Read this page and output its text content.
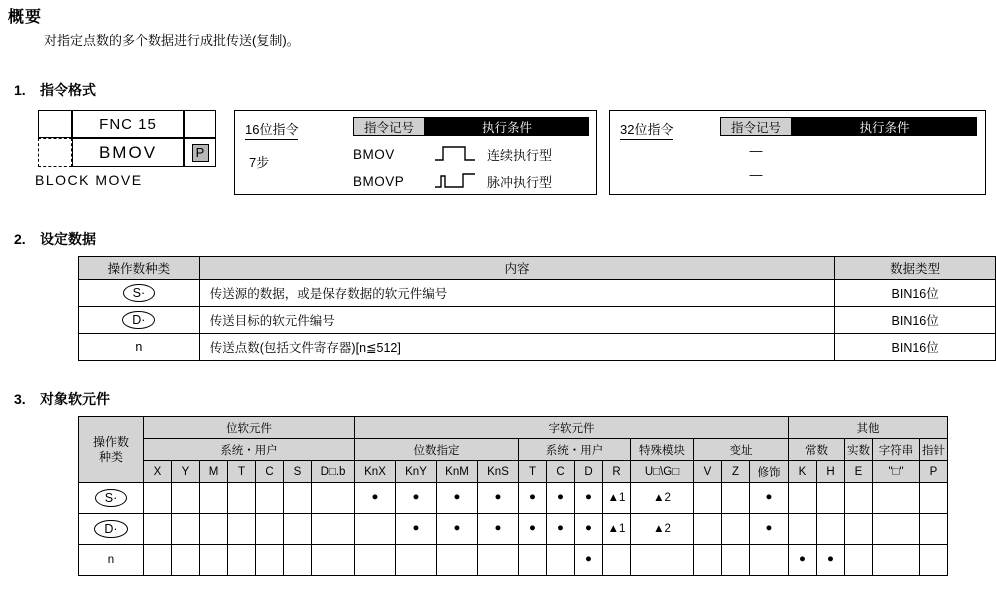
概要
对指定点数的多个数据进行成批传送(复制)。
1. 指令格式
FNC 15
BMOV	P
BLOCK MOVE
16位指令
7步
指令记号	执行条件
BMOV	连续执行型
BMOVP	脉冲执行型
32位指令	指令记号	执行条件
—
—
2. 设定数据
操作数种类	内容	数据类型
S·	传送源的数据，或是保存数据的软元件编号	BIN16位
D·	传送目标的软元件编号	BIN16位
n	传送点数(包括文件寄存器)[n≦512]	BIN16位
3. 对象软元件
操作数
种类	位软元件							字软元件												其他				
	系统・用户							位数指定				系统・用户				特殊模块	变址			常数		实数	字符串	指针
	X	Y	M	T	C	S	D□.b	KnX	KnY	KnM	KnS	T	C	D	R	U□\G□	V	Z	修饰	K	H	E	"□"	P
S·								●	●	●	●	●	●	●	▲1	▲2			●					
D·									●	●	●	●	●	●	▲1	▲2			●					
n														●						●	●			
